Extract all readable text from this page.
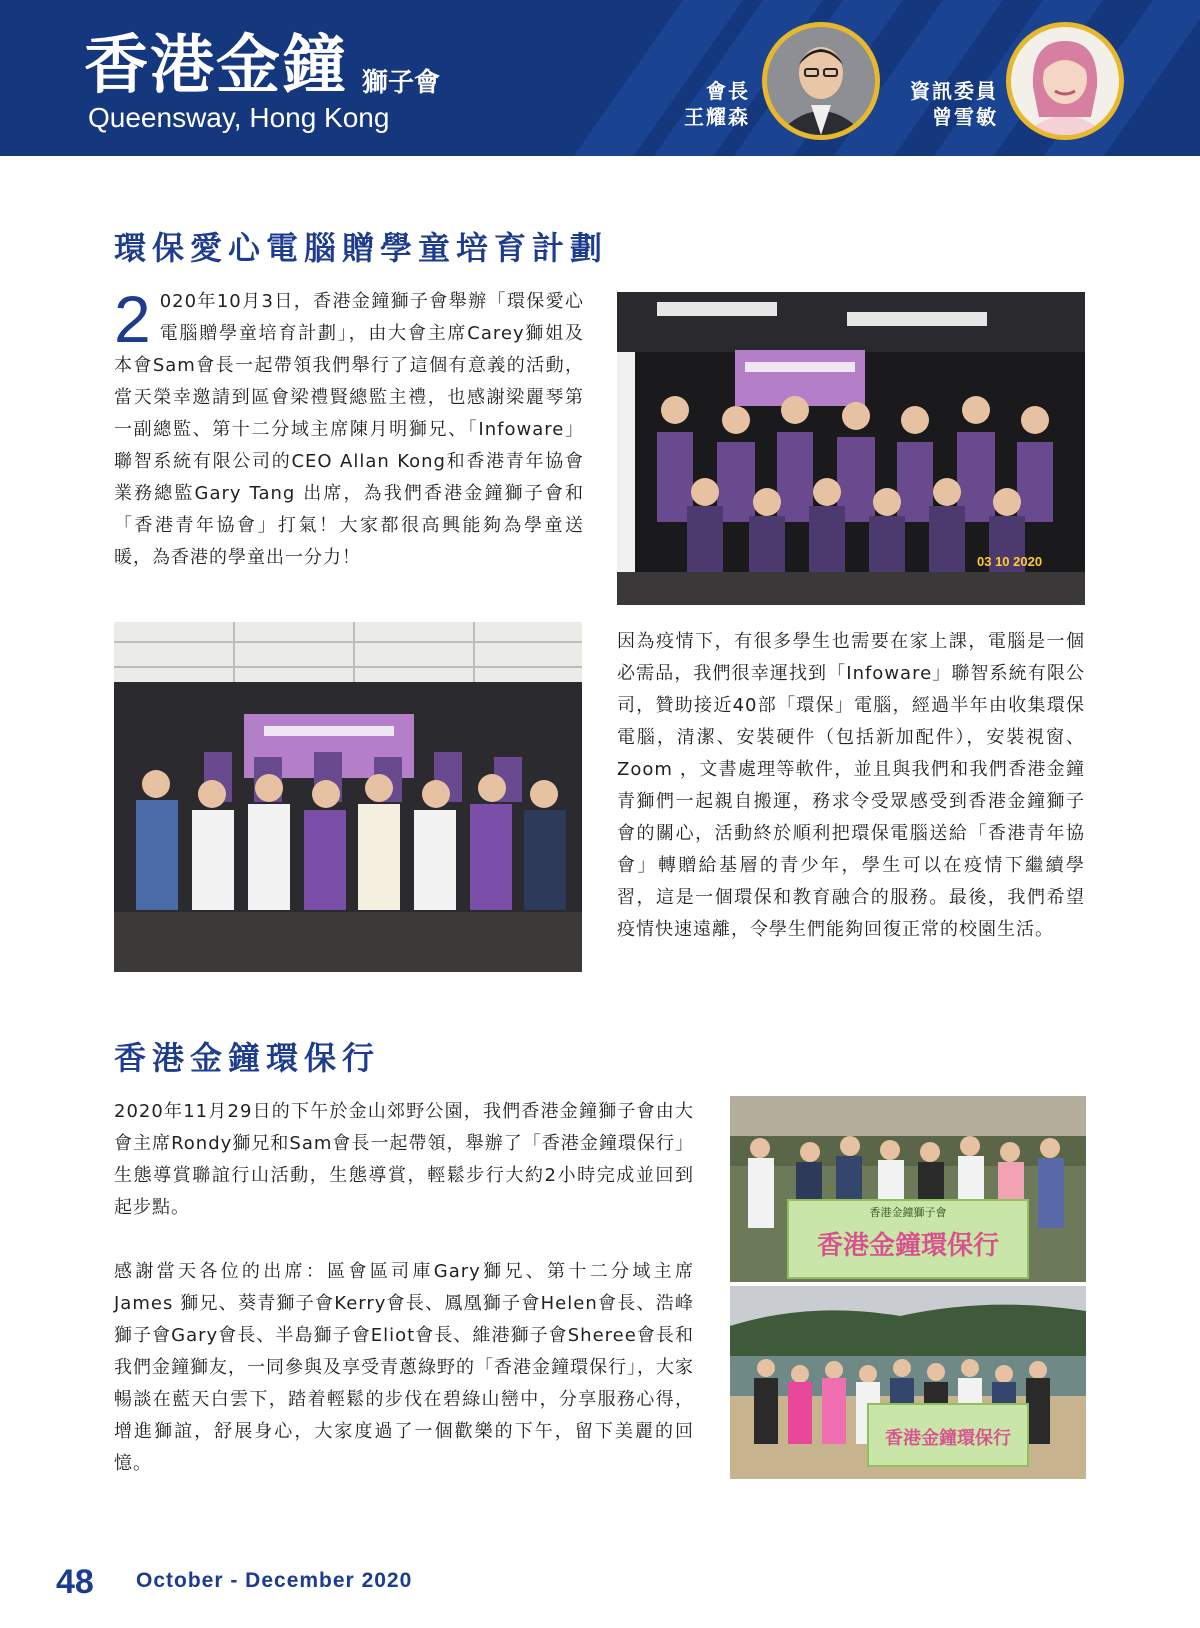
香港金鐘 獅子會
Queensway, Hong Kong
會長
王耀森
資訊委員
曾雪敏
環保愛心電腦贈學童培育計劃
2 020年10月3日，香港金鐘獅子會舉辦「環保愛心電腦贈學童培育計劃」，由大會主席Carey獅姐及本會Sam會長一起帶領我們舉行了這個有意義的活動，當天榮幸邀請到區會梁禮賢總監主禮，也感謝梁麗琴第一副總監、第十二分域主席陳月明獅兄、「Infoware」聯智系統有限公司的CEO Allan Kong和香港青年協會業務總監Gary Tang 出席，為我們香港金鐘獅子會和「香港青年協會」打氣！大家都很高興能夠為學童送暖，為香港的學童出一分力！	03 10 2020
因為疫情下，有很多學生也需要在家上課，電腦是一個必需品，我們很幸運找到「Infoware」聯智系統有限公司，贊助接近40部「環保」電腦，經過半年由收集環保電腦，清潔、安裝硬件（包括新加配件），安裝視窗、Zoom ，文書處理等軟件，並且與我們和我們香港金鐘青獅們一起親自搬運，務求令受眾感受到香港金鐘獅子會的關心，活動終於順利把環保電腦送給「香港青年協會」轉贈給基層的青少年，學生可以在疫情下繼續學習，這是一個環保和教育融合的服務。最後，我們希望疫情快速遠離，令學生們能夠回復正常的校園生活。
香港金鐘環保行
2020年11月29日的下午於金山郊野公園，我們香港金鐘獅子會由大會主席Rondy獅兄和Sam會長一起帶領，舉辦了「香港金鐘環保行」生態導賞聯誼行山活動，生態導賞，輕鬆步行大約2小時完成並回到起步點。
感謝當天各位的出席：區會區司庫Gary獅兄、第十二分域主席James 獅兄、葵青獅子會Kerry會長、鳳凰獅子會Helen會長、浩峰獅子會Gary會長、半島獅子會Eliot會長、維港獅子會Sheree會長和我們金鐘獅友，一同參與及享受青蔥綠野的「香港金鐘環保行」，大家暢談在藍天白雲下，踏着輕鬆的步伐在碧綠山巒中，分享服務心得，增進獅誼，舒展身心，大家度過了一個歡樂的下午，留下美麗的回憶。
香港金鐘獅子會
香港金鐘環保行
香港金鐘環保行
48 October - December 2020
